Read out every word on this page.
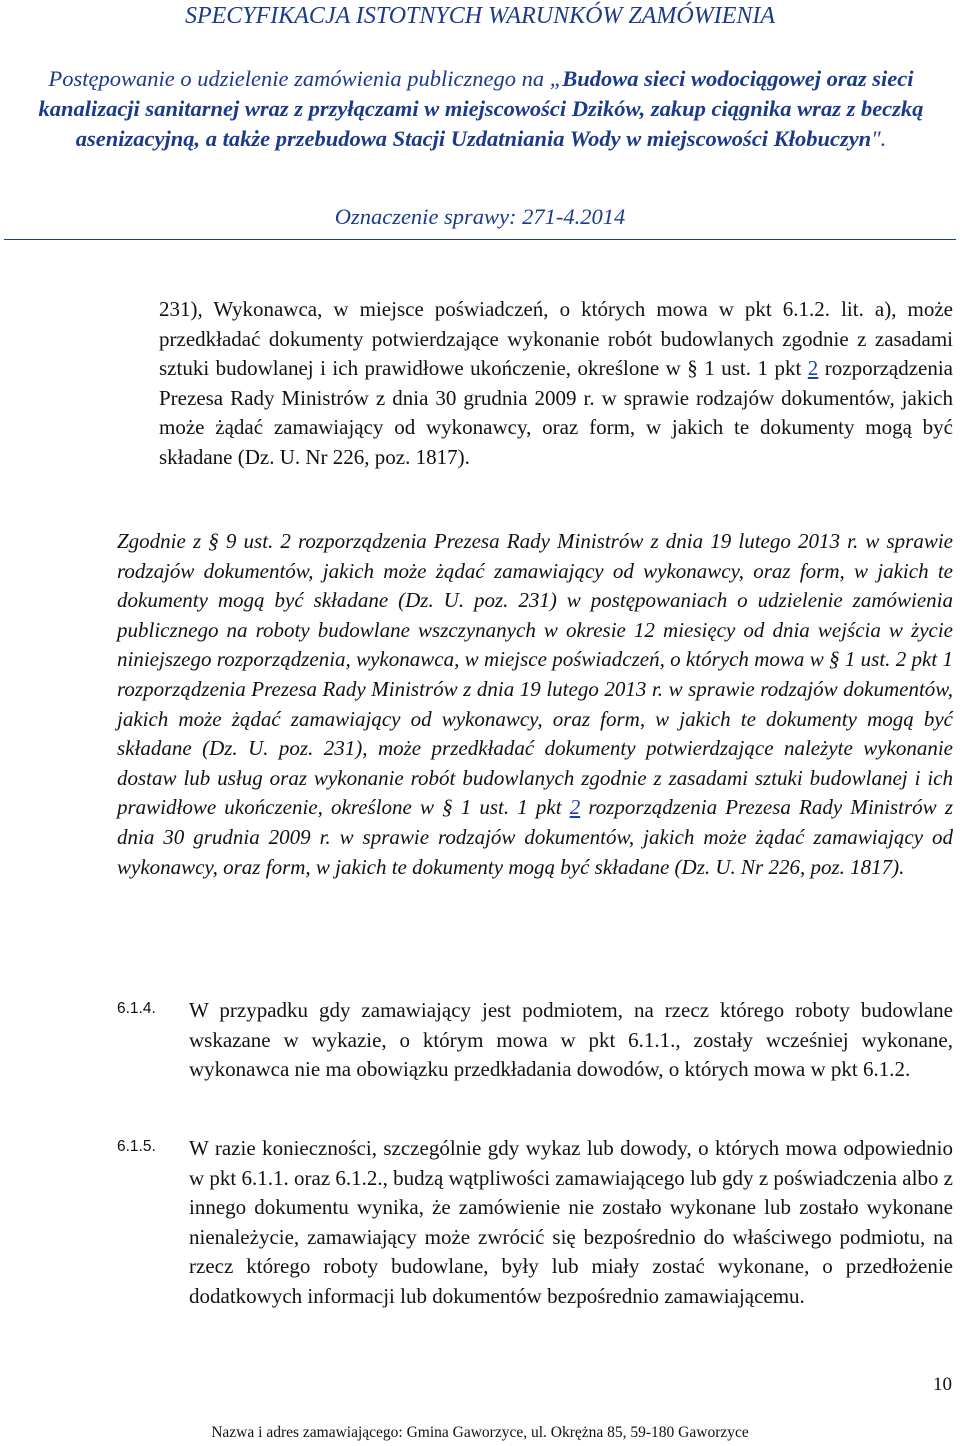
SPECYFIKACJA ISTOTNYCH WARUNKÓW ZAMÓWIENIA
Postępowanie o udzielenie zamówienia publicznego na „Budowa sieci wodociągowej oraz sieci kanalizacji sanitarnej wraz z przyłączami w miejscowości Dzików, zakup ciągnika wraz z beczką asenizacyjną, a także przebudowa Stacji Uzdatniania Wody w miejscowości Kłobuczyn".
Oznaczenie sprawy: 271-4.2014
231), Wykonawca, w miejsce poświadczeń, o których mowa w pkt 6.1.2. lit. a), może przedkładać dokumenty potwierdzające wykonanie robót budowlanych zgodnie z zasadami sztuki budowlanej i ich prawidłowe ukończenie, określone w § 1 ust. 1 pkt 2 rozporządzenia Prezesa Rady Ministrów z dnia 30 grudnia 2009 r. w sprawie rodzajów dokumentów, jakich może żądać zamawiający od wykonawcy, oraz form, w jakich te dokumenty mogą być składane (Dz. U. Nr 226, poz. 1817).
Zgodnie z § 9 ust. 2 rozporządzenia Prezesa Rady Ministrów z dnia 19 lutego 2013 r. w sprawie rodzajów dokumentów, jakich może żądać zamawiający od wykonawcy, oraz form, w jakich te dokumenty mogą być składane (Dz. U. poz. 231) w postępowaniach o udzielenie zamówienia publicznego na roboty budowlane wszczynanych w okresie 12 miesięcy od dnia wejścia w życie niniejszego rozporządzenia, wykonawca, w miejsce poświadczeń, o których mowa w § 1 ust. 2 pkt 1 rozporządzenia Prezesa Rady Ministrów z dnia 19 lutego 2013 r. w sprawie rodzajów dokumentów, jakich może żądać zamawiający od wykonawcy, oraz form, w jakich te dokumenty mogą być składane (Dz. U. poz. 231), może przedkładać dokumenty potwierdzające należyte wykonanie dostaw lub usług oraz wykonanie robót budowlanych zgodnie z zasadami sztuki budowlanej i ich prawidłowe ukończenie, określone w § 1 ust. 1 pkt 2 rozporządzenia Prezesa Rady Ministrów z dnia 30 grudnia 2009 r. w sprawie rodzajów dokumentów, jakich może żądać zamawiający od wykonawcy, oraz form, w jakich te dokumenty mogą być składane (Dz. U. Nr 226, poz. 1817).
6.1.4. W przypadku gdy zamawiający jest podmiotem, na rzecz którego roboty budowlane wskazane w wykazie, o którym mowa w pkt 6.1.1., zostały wcześniej wykonane, wykonawca nie ma obowiązku przedkładania dowodów, o których mowa w pkt 6.1.2.
6.1.5. W razie konieczności, szczególnie gdy wykaz lub dowody, o których mowa odpowiednio w pkt 6.1.1. oraz 6.1.2., budzą wątpliwości zamawiającego lub gdy z poświadczenia albo z innego dokumentu wynika, że zamówienie nie zostało wykonane lub zostało wykonane nienależycie, zamawiający może zwrócić się bezpośrednio do właściwego podmiotu, na rzecz którego roboty budowlane, były lub miały zostać wykonane, o przedłożenie dodatkowych informacji lub dokumentów bezpośrednio zamawiającemu.
10
Nazwa i adres zamawiającego: Gmina Gaworzyce, ul. Okrężna 85, 59-180 Gaworzyce
